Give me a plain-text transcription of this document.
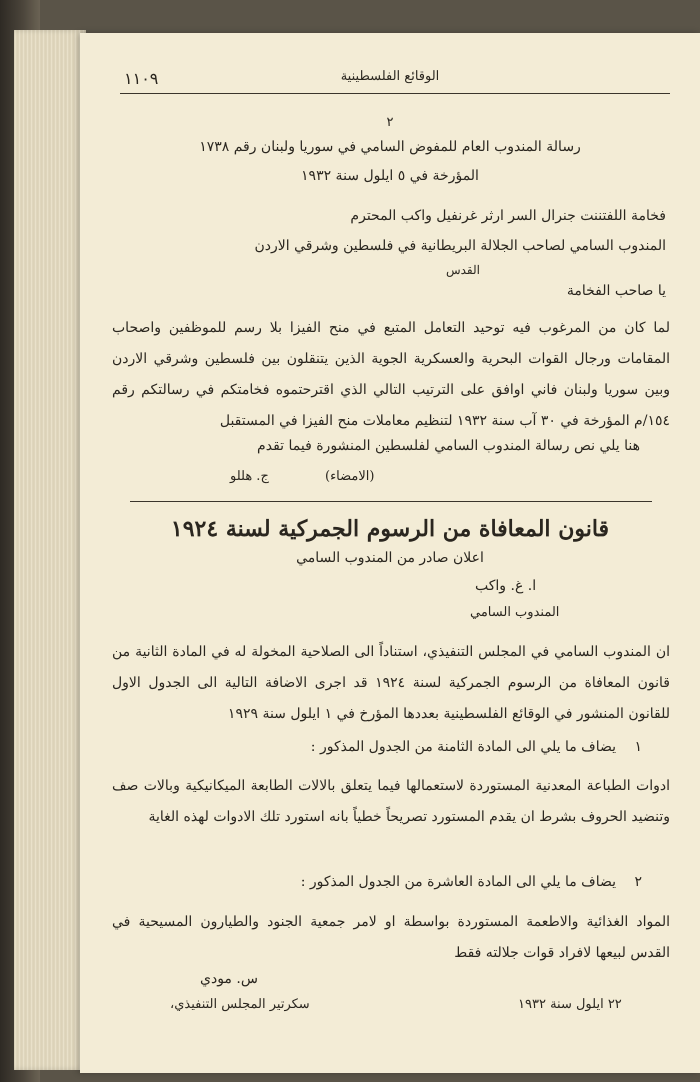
١١٠٩	الوقائع الفلسطينية
٢
رسالة المندوب العام للمفوض السامي في سوريا ولبنان رقم ١٧٣٨
المؤرخة في ٥ ايلول سنة ١٩٣٢
فخامة اللفتننت جنرال السر ارثر غرنفيل واكب المحترم
المندوب السامي لصاحب الجلالة البريطانية في فلسطين وشرقي الاردن
القدس
يا صاحب الفخامة
لما كان من المرغوب فيه توحيد التعامل المتبع في منح الفيزا بلا رسم للموظفين واصحاب المقامات ورجال القوات البحرية والعسكرية الجوية الذين يتنقلون بين فلسطين وشرقي الاردن وبين سوريا ولبنان فاني اوافق على الترتيب التالي الذي اقترحتموه فخامتكم في رسالتكم رقم ١٥٤/م المؤرخة في ٣٠ آب سنة ١٩٣٢ لتنظيم معاملات منح الفيزا في المستقبل
هنا يلي نص رسالة المندوب السامي لفلسطين المنشورة فيما تقدم
(الامضاء)
ج. هللو
قانون المعافاة من الرسوم الجمركية لسنة ١٩٢٤
اعلان صادر من المندوب السامي
ا. غ. واكب
المندوب السامي
ان المندوب السامي في المجلس التنفيذي، استناداً الى الصلاحية المخولة له في المادة الثانية من قانون المعافاة من الرسوم الجمركية لسنة ١٩٢٤ قد اجرى الاضافة التالية الى الجدول الاول للقانون المنشور في الوقائع الفلسطينية بعددها المؤرخ في ١ ايلول سنة ١٩٢٩
١
يضاف ما يلي الى المادة الثامنة من الجدول المذكور :
ادوات الطباعة المعدنية المستوردة لاستعمالها فيما يتعلق بالالات الطابعة الميكانيكية وبالات صف وتنضيد الحروف بشرط ان يقدم المستورد تصريحاً خطياً بانه استورد تلك الادوات لهذه الغاية
٢
يضاف ما يلي الى المادة العاشرة من الجدول المذكور :
المواد الغذائية والاطعمة المستوردة بواسطة او لامر جمعية الجنود والطيارون المسيحية في القدس لبيعها لافراد قوات جلالته فقط
س. مودي
سكرتير المجلس التنفيذي،	٢٢ ايلول سنة ١٩٣٢
